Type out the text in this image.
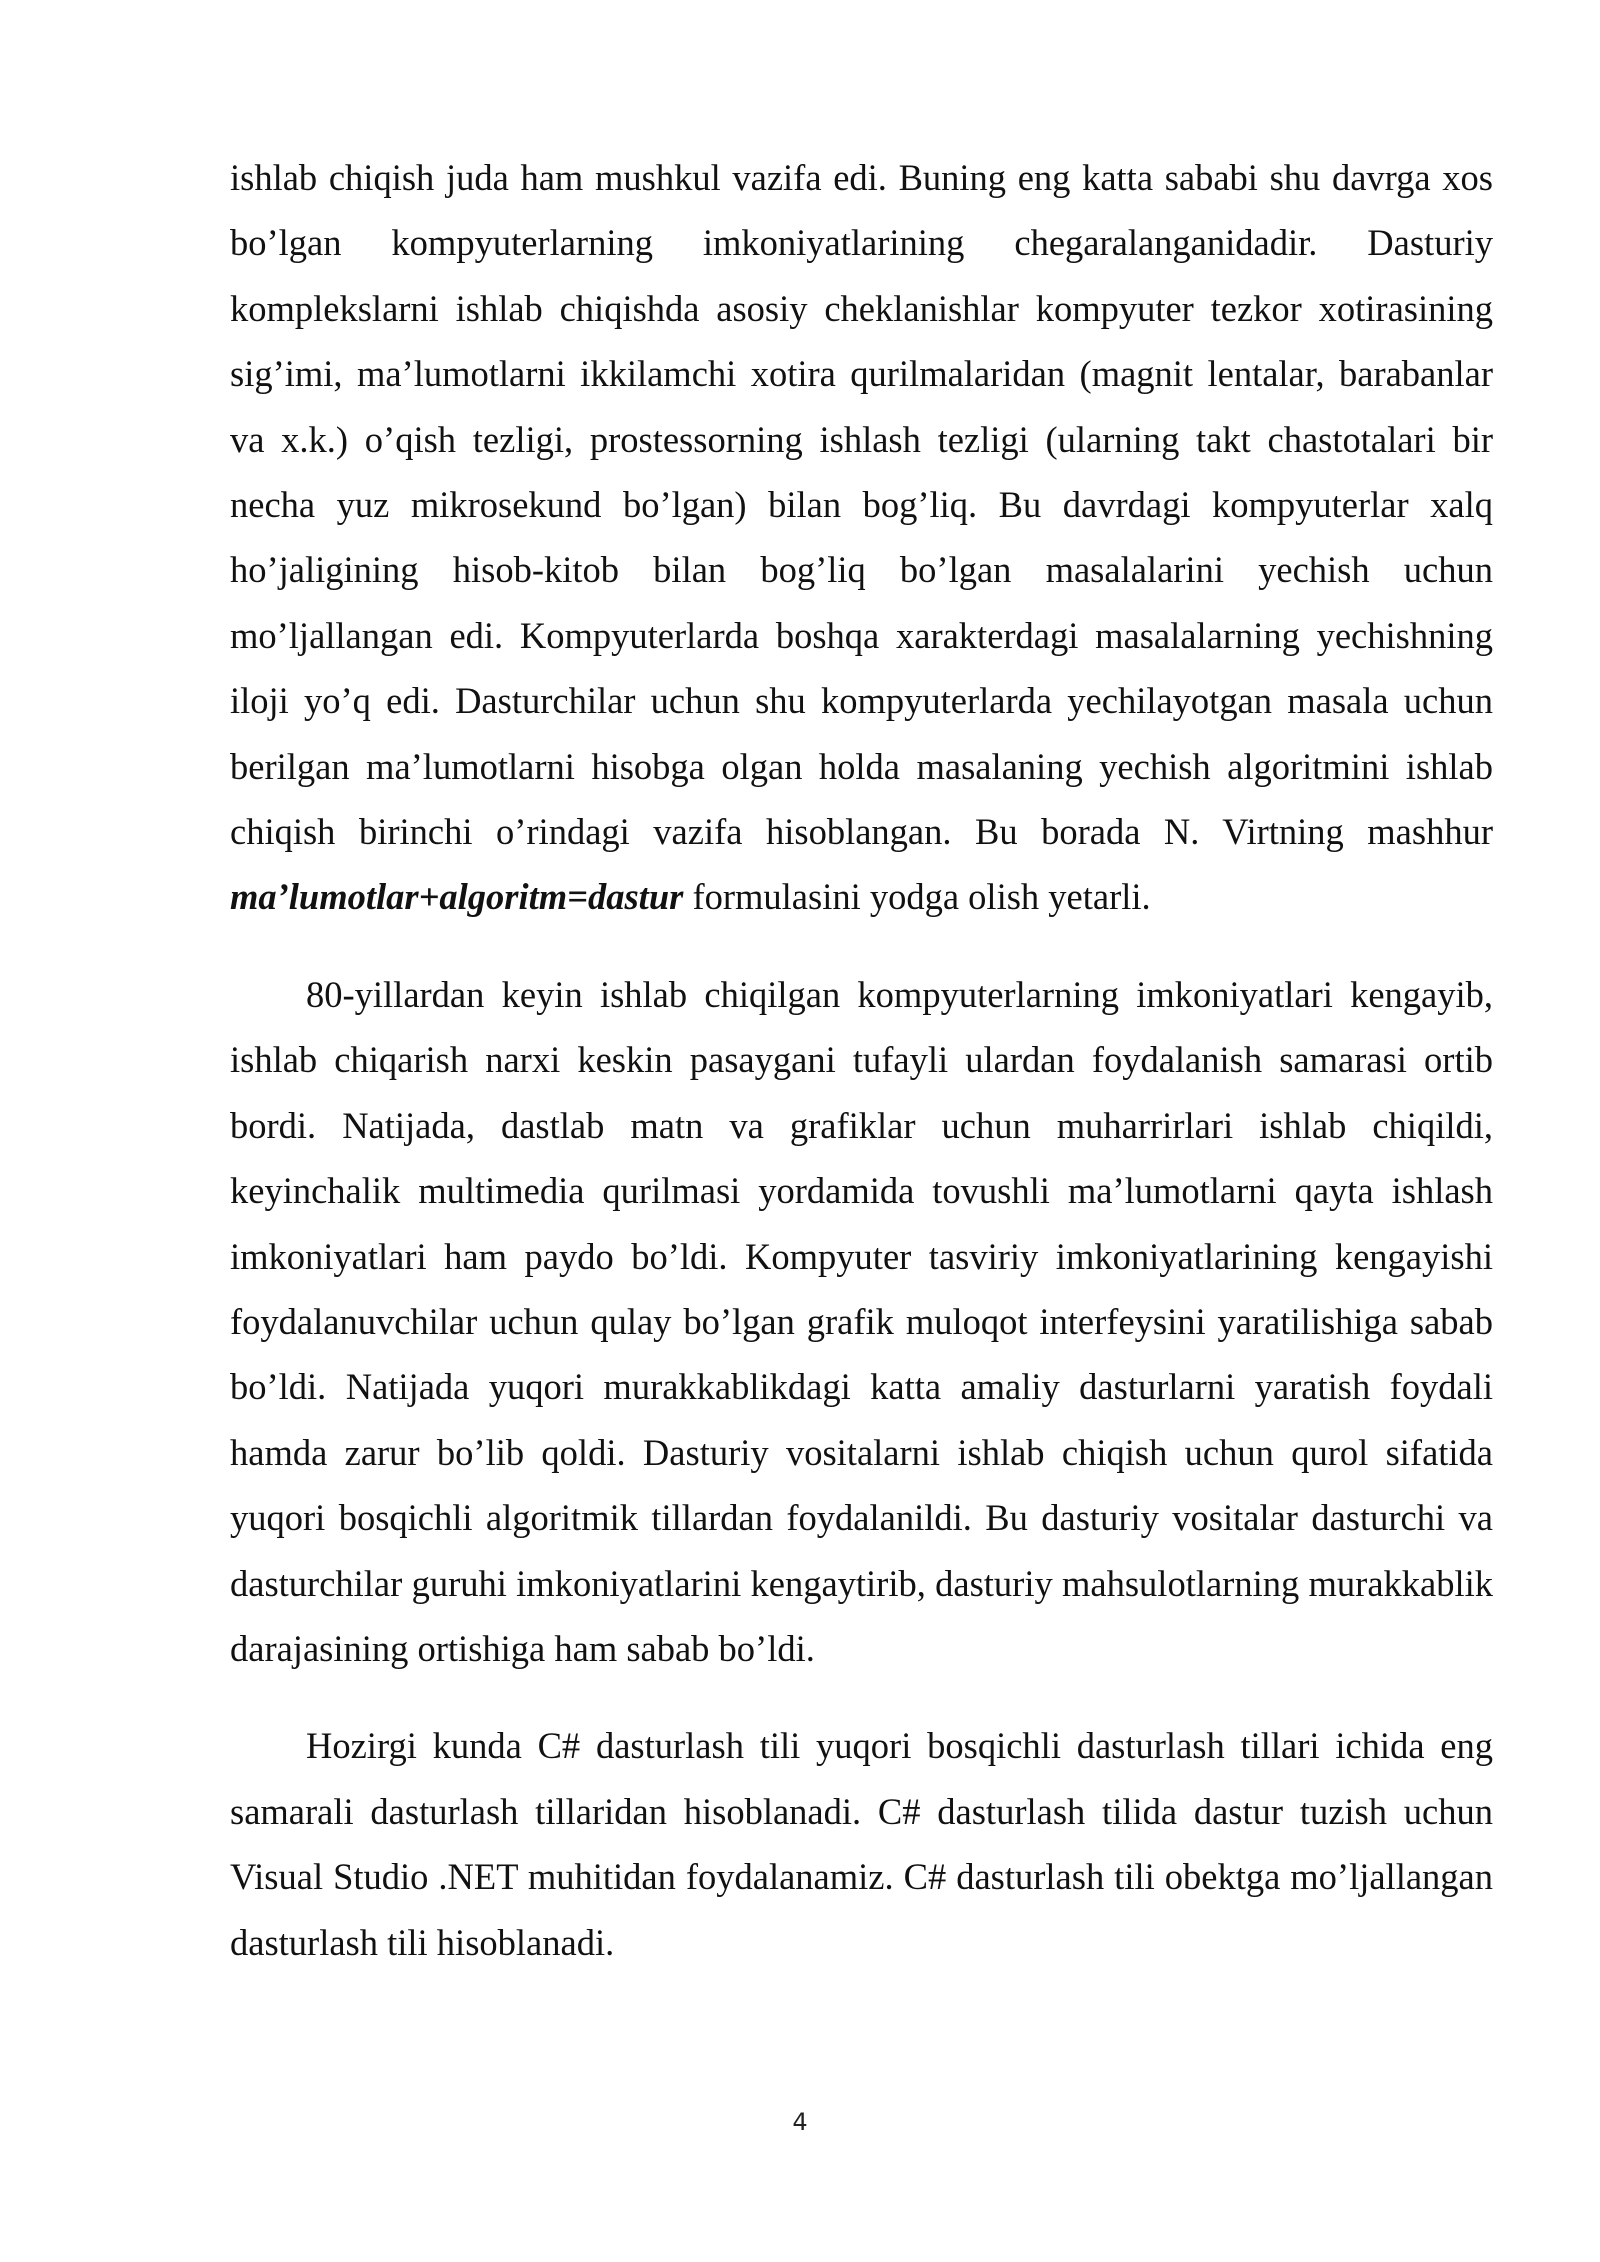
ishlab chiqish juda ham mushkul vazifa edi. Buning eng katta sababi shu davrga xos bo’lgan kompyuterlarning imkoniyatlarining chegaralanganidadir. Dasturiy komplekslarni ishlab chiqishda asosiy cheklanishlar kompyuter tezkor xotirasining sig’imi, ma’lumotlarni ikkilamchi xotira qurilmalaridan (magnit lentalar, barabanlar va x.k.) o’qish tezligi, prostessorning ishlash tezligi (ularning takt chastotalari bir necha yuz mikrosekund bo’lgan) bilan bog’liq. Bu davrdagi kompyuterlar xalq ho’jaligining hisob-kitob bilan bog’liq bo’lgan masalalarini yechish uchun mo’ljallangan edi. Kompyuterlarda boshqa xarakterdagi masalalarning yechishning iloji yo’q edi. Dasturchilar uchun shu kompyuterlarda yechilayotgan masala uchun berilgan ma’lumotlarni hisobga olgan holda masalaning yechish algoritmini ishlab chiqish birinchi o’rindagi vazifa hisoblangan. Bu borada N. Virtning mashhur ma’lumotlar+algoritm=dastur formulasini yodga olish yetarli.

80-yillardan keyin ishlab chiqilgan kompyuterlarning imkoniyatlari kengayib, ishlab chiqarish narxi keskin pasaygani tufayli ulardan foydalanish samarasi ortib bordi. Natijada, dastlab matn va grafiklar uchun muharrirlari ishlab chiqildi, keyinchalik multimedia qurilmasi yordamida tovushli ma’lumotlarni qayta ishlash imkoniyatlari ham paydo bo’ldi. Kompyuter tasviriy imkoniyatlarining kengayishi foydalanuvchilar uchun qulay bo’lgan grafik muloqot interfeysini yaratilishiga sabab bo’ldi. Natijada yuqori murakkablikdagi katta amaliy dasturlarni yaratish foydali hamda zarur bo’lib qoldi. Dasturiy vositalarni ishlab chiqish uchun qurol sifatida yuqori bosqichli algoritmik tillardan foydalanildi. Bu dasturiy vositalar dasturchi va dasturchilar guruhi imkoniyatlarini kengaytirib, dasturiy mahsulotlarning murakkablik darajasining ortishiga ham sabab bo’ldi.

Hozirgi kunda C# dasturlash tili yuqori bosqichli dasturlash tillari ichida eng samarali dasturlash tillaridan hisoblanadi. C# dasturlash tilida dastur tuzish uchun Visual Studio .NET muhitidan foydalanamiz. C# dasturlash tili obektga mo’ljallangan dasturlash tili hisoblanadi.

4
